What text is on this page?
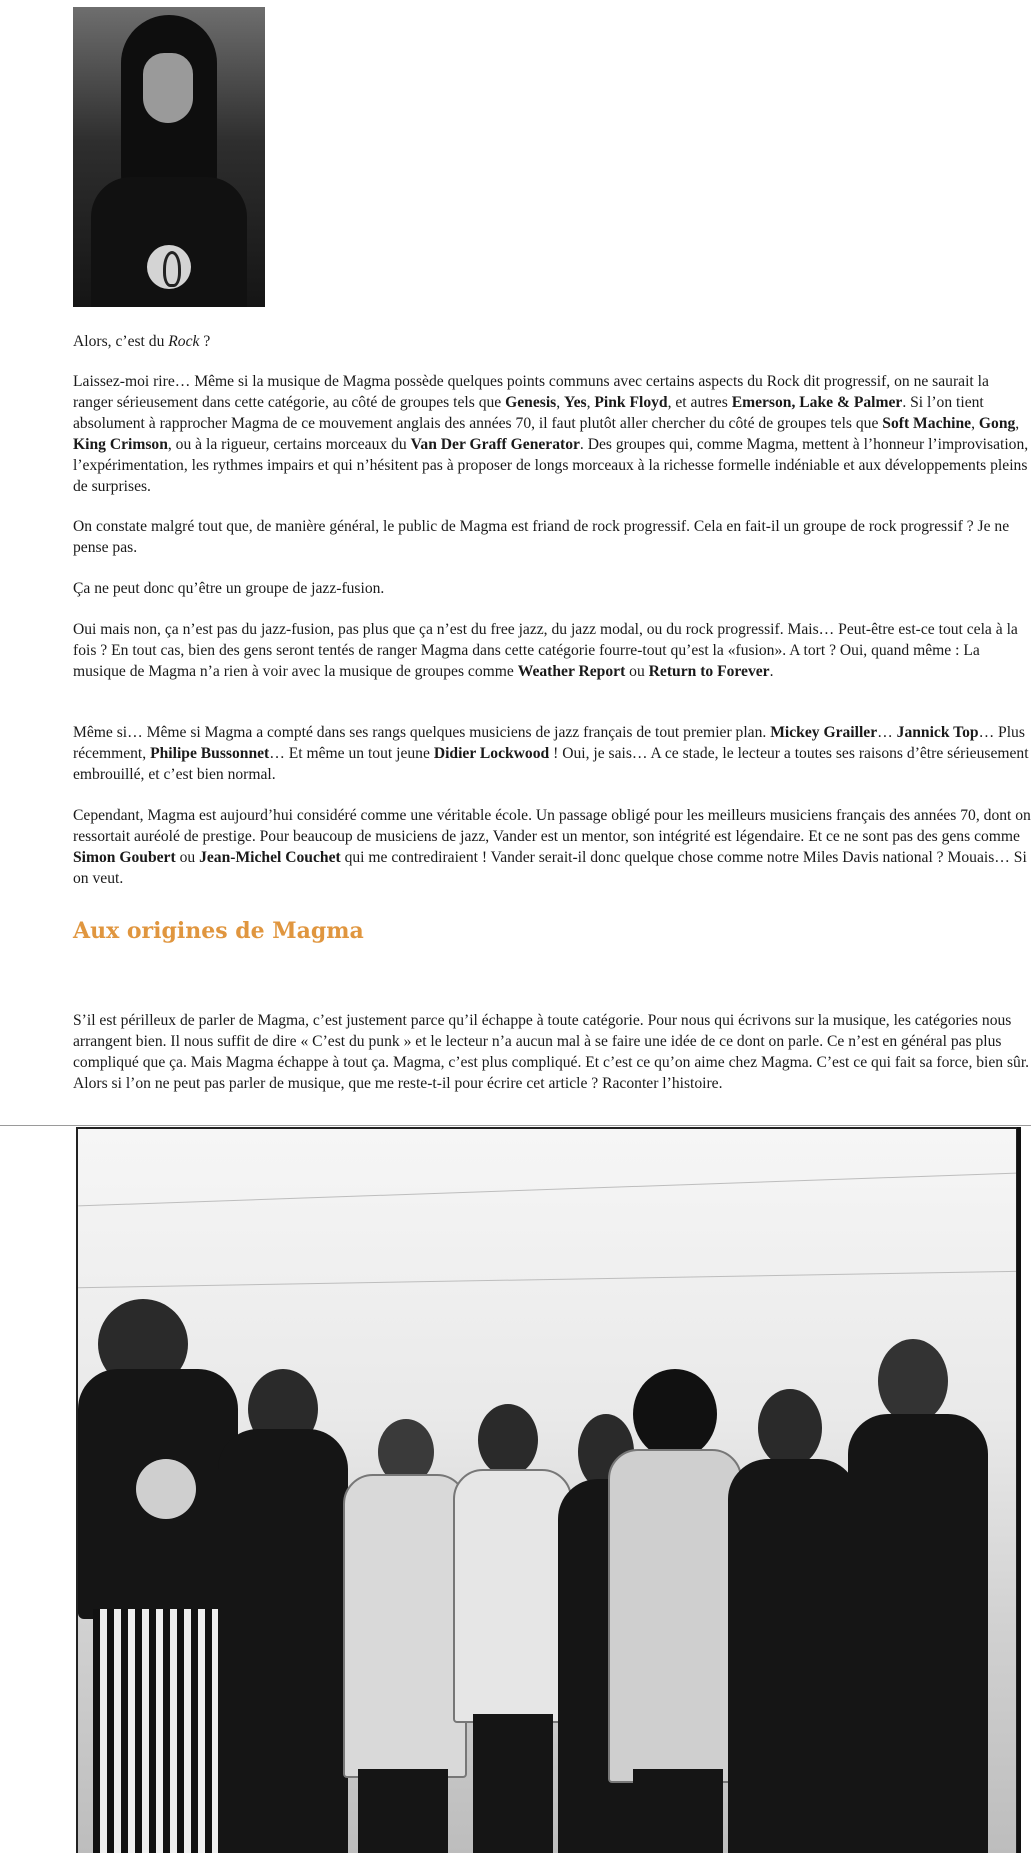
Alors, c’est du Rock ?

Laissez-moi rire… Même si la musique de Magma possède quelques points communs avec certains aspects du Rock dit progressif, on ne saurait la ranger sérieusement dans cette catégorie, au côté de groupes tels que Genesis, Yes, Pink Floyd, et autres Emerson, Lake & Palmer. Si l’on tient absolument à rapprocher Magma de ce mouvement anglais des années 70, il faut plutôt aller chercher du côté de groupes tels que Soft Machine, Gong, King Crimson, ou à la rigueur, certains morceaux du Van Der Graff Generator. Des groupes qui, comme Magma, mettent à l’honneur l’improvisation, l’expérimentation, les rythmes impairs et qui n’hésitent pas à proposer de longs morceaux à la richesse formelle indéniable et aux développements pleins de surprises.

On constate malgré tout que, de manière général, le public de Magma est friand de rock progressif. Cela en fait-il un groupe de rock progressif ? Je ne pense pas.

Ça ne peut donc qu’être un groupe de jazz-fusion.

Oui mais non, ça n’est pas du jazz-fusion, pas plus que ça n’est du free jazz, du jazz modal, ou du rock progressif. Mais… Peut-être est-ce tout cela à la fois ? En tout cas, bien des gens seront tentés de ranger Magma dans cette catégorie fourre-tout qu’est la «fusion». A tort ? Oui, quand même : La musique de Magma n’a rien à voir avec la musique de groupes comme Weather Report ou Return to Forever.

Même si… Même si Magma a compté dans ses rangs quelques musiciens de jazz français de tout premier plan. Mickey Grailler… Jannick Top… Plus récemment, Philipe Bussonnet… Et même un tout jeune Didier Lockwood ! Oui, je sais… A ce stade, le lecteur a toutes ses raisons d’être sérieusement embrouillé, et c’est bien normal.

Cependant, Magma est aujourd’hui considéré comme une véritable école. Un passage obligé pour les meilleurs musiciens français des années 70, dont on ressortait auréolé de prestige. Pour beaucoup de musiciens de jazz, Vander est un mentor, son intégrité est légendaire. Et ce ne sont pas des gens comme Simon Goubert ou Jean-Michel Couchet qui me contrediraient ! Vander serait-il donc quelque chose comme notre Miles Davis national ? Mouais… Si on veut.

Aux origines de Magma

S’il est périlleux de parler de Magma, c’est justement parce qu’il échappe à toute catégorie. Pour nous qui écrivons sur la musique, les catégories nous arrangent bien. Il nous suffit de dire « C’est du punk » et le lecteur n’a aucun mal à se faire une idée de ce dont on parle. Ce n’est en général pas plus compliqué que ça. Mais Magma échappe à tout ça. Magma, c’est plus compliqué. Et c’est ce qu’on aime chez Magma. C’est ce qui fait sa force, bien sûr. Alors si l’on ne peut pas parler de musique, que me reste-t-il pour écrire cet article ? Raconter l’histoire.
